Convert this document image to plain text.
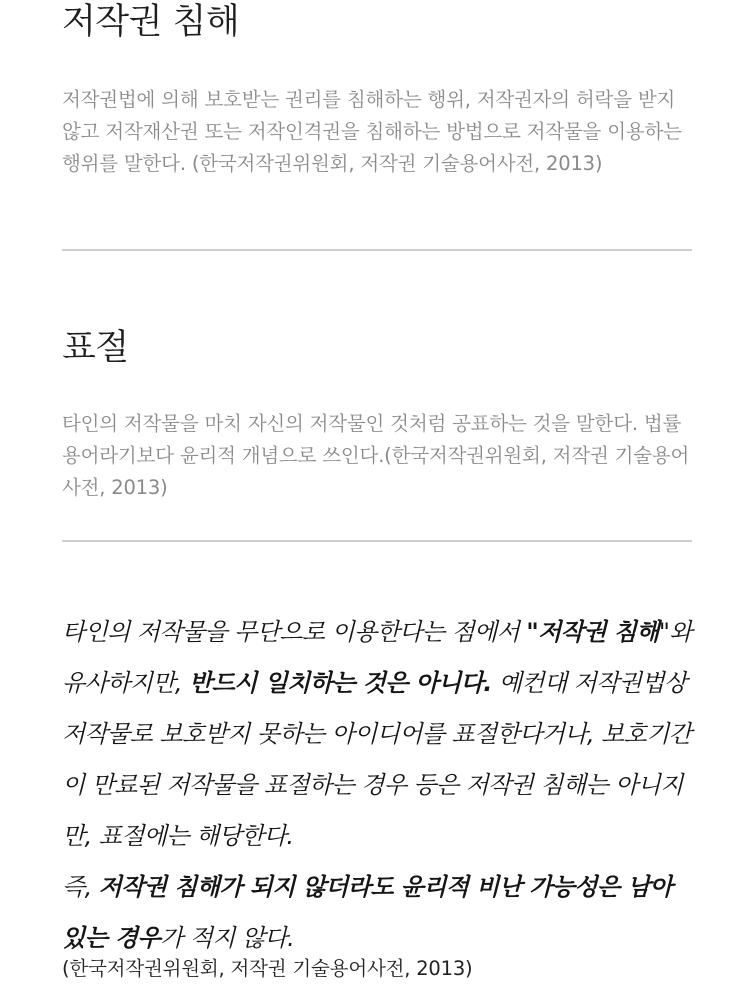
저작권 침해

저작권법에 의해 보호받는 권리를 침해하는 행위, 저작권자의 허락을 받지 않고 저작재산권 또는 저작인격권을 침해하는 방법으로 저작물을 이용하는 행위를 말한다. (한국저작권위원회, 저작권 기술용어사전, 2013)

표절

타인의 저작물을 마치 자신의 저작물인 것처럼 공표하는 것을 말한다. 법률 용어라기보다 윤리적 개념으로 쓰인다.(한국저작권위원회, 저작권 기술용어사전, 2013)

타인의 저작물을 무단으로 이용한다는 점에서 "저작권 침해"와 유사하지만, 반드시 일치하는 것은 아니다. 예컨대 저작권법상 저작물로 보호받지 못하는 아이디어를 표절한다거나, 보호기간이 만료된 저작물을 표절하는 경우 등은 저작권 침해는 아니지만, 표절에는 해당한다.
즉, 저작권 침해가 되지 않더라도 윤리적 비난 가능성은 남아있는 경우가 적지 않다.

(한국저작권위원회, 저작권 기술용어사전, 2013)
